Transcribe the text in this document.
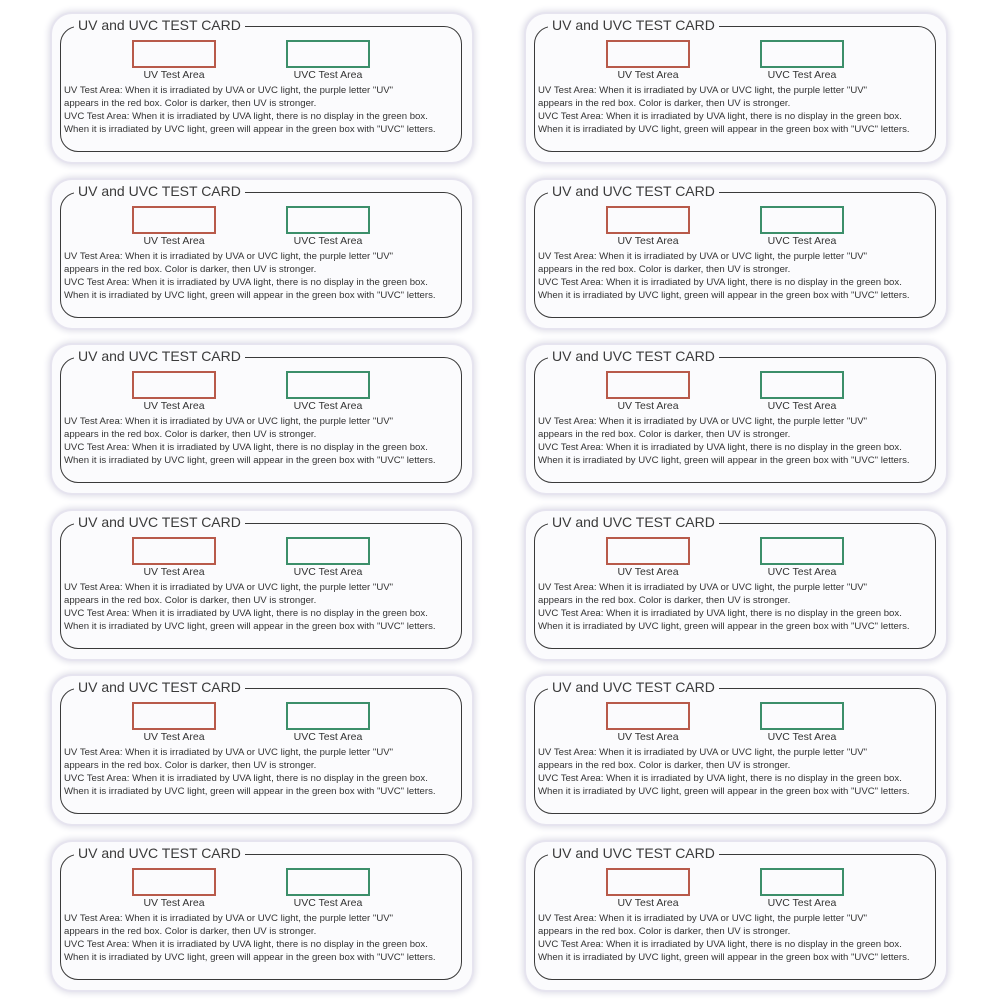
UV and UVC TEST CARD
UV Test Area	UVC Test Area
UV Test Area: When it is irradiated by UVA or UVC light, the purple letter "UV"
appears in the red box. Color is darker, then UV is stronger.
UVC Test Area: When it is irradiated by UVA light, there is no display in the green box.
When it is irradiated by UVC light, green will appear in the green box with "UVC" letters.
UV and UVC TEST CARD
UV Test Area	UVC Test Area
UV Test Area: When it is irradiated by UVA or UVC light, the purple letter "UV"
appears in the red box. Color is darker, then UV is stronger.
UVC Test Area: When it is irradiated by UVA light, there is no display in the green box.
When it is irradiated by UVC light, green will appear in the green box with "UVC" letters.
UV and UVC TEST CARD
UV Test Area	UVC Test Area
UV Test Area: When it is irradiated by UVA or UVC light, the purple letter "UV"
appears in the red box. Color is darker, then UV is stronger.
UVC Test Area: When it is irradiated by UVA light, there is no display in the green box.
When it is irradiated by UVC light, green will appear in the green box with "UVC" letters.
UV and UVC TEST CARD
UV Test Area	UVC Test Area
UV Test Area: When it is irradiated by UVA or UVC light, the purple letter "UV"
appears in the red box. Color is darker, then UV is stronger.
UVC Test Area: When it is irradiated by UVA light, there is no display in the green box.
When it is irradiated by UVC light, green will appear in the green box with "UVC" letters.
UV and UVC TEST CARD
UV Test Area	UVC Test Area
UV Test Area: When it is irradiated by UVA or UVC light, the purple letter "UV"
appears in the red box. Color is darker, then UV is stronger.
UVC Test Area: When it is irradiated by UVA light, there is no display in the green box.
When it is irradiated by UVC light, green will appear in the green box with "UVC" letters.
UV and UVC TEST CARD
UV Test Area	UVC Test Area
UV Test Area: When it is irradiated by UVA or UVC light, the purple letter "UV"
appears in the red box. Color is darker, then UV is stronger.
UVC Test Area: When it is irradiated by UVA light, there is no display in the green box.
When it is irradiated by UVC light, green will appear in the green box with "UVC" letters.
UV and UVC TEST CARD
UV Test Area	UVC Test Area
UV Test Area: When it is irradiated by UVA or UVC light, the purple letter "UV"
appears in the red box. Color is darker, then UV is stronger.
UVC Test Area: When it is irradiated by UVA light, there is no display in the green box.
When it is irradiated by UVC light, green will appear in the green box with "UVC" letters.
UV and UVC TEST CARD
UV Test Area	UVC Test Area
UV Test Area: When it is irradiated by UVA or UVC light, the purple letter "UV"
appears in the red box. Color is darker, then UV is stronger.
UVC Test Area: When it is irradiated by UVA light, there is no display in the green box.
When it is irradiated by UVC light, green will appear in the green box with "UVC" letters.
UV and UVC TEST CARD
UV Test Area	UVC Test Area
UV Test Area: When it is irradiated by UVA or UVC light, the purple letter "UV"
appears in the red box. Color is darker, then UV is stronger.
UVC Test Area: When it is irradiated by UVA light, there is no display in the green box.
When it is irradiated by UVC light, green will appear in the green box with "UVC" letters.
UV and UVC TEST CARD
UV Test Area	UVC Test Area
UV Test Area: When it is irradiated by UVA or UVC light, the purple letter "UV"
appears in the red box. Color is darker, then UV is stronger.
UVC Test Area: When it is irradiated by UVA light, there is no display in the green box.
When it is irradiated by UVC light, green will appear in the green box with "UVC" letters.
UV and UVC TEST CARD
UV Test Area	UVC Test Area
UV Test Area: When it is irradiated by UVA or UVC light, the purple letter "UV"
appears in the red box. Color is darker, then UV is stronger.
UVC Test Area: When it is irradiated by UVA light, there is no display in the green box.
When it is irradiated by UVC light, green will appear in the green box with "UVC" letters.
UV and UVC TEST CARD
UV Test Area	UVC Test Area
UV Test Area: When it is irradiated by UVA or UVC light, the purple letter "UV"
appears in the red box. Color is darker, then UV is stronger.
UVC Test Area: When it is irradiated by UVA light, there is no display in the green box.
When it is irradiated by UVC light, green will appear in the green box with "UVC" letters.
